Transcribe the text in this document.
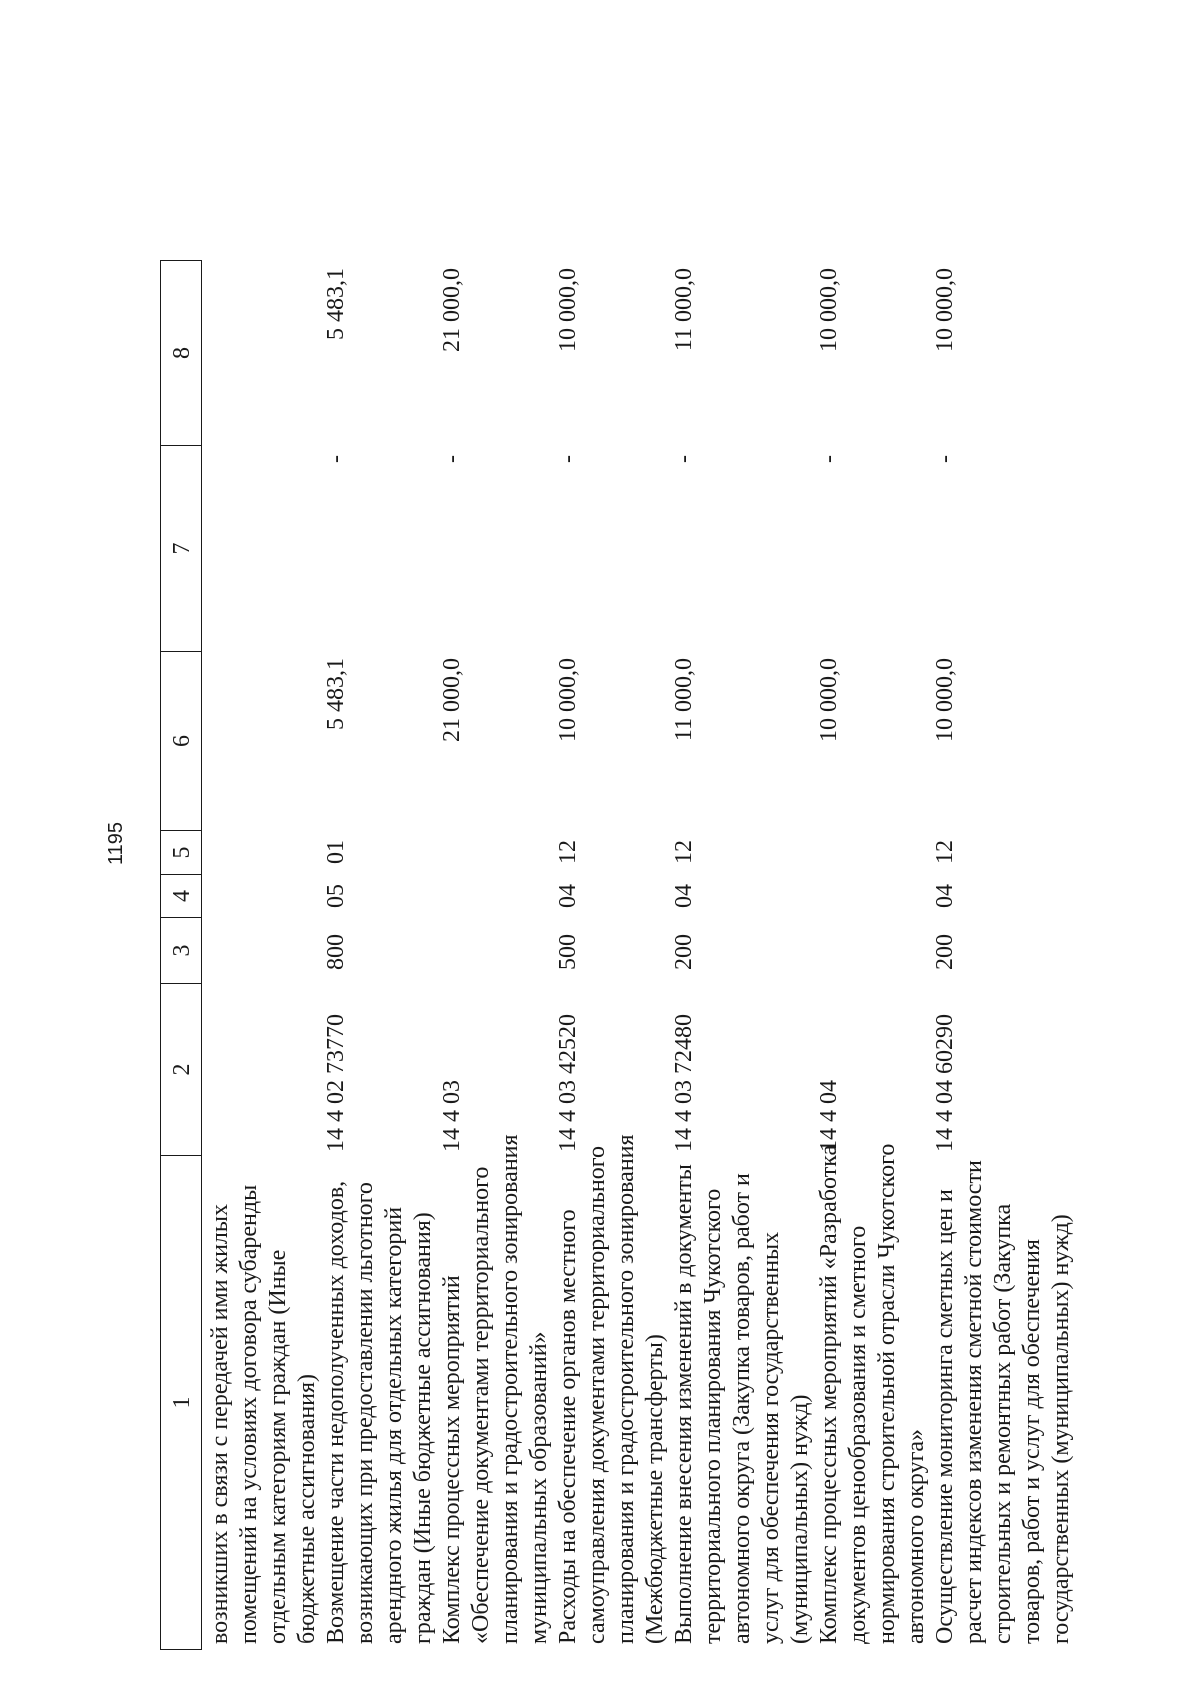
1195
1
2
3
4
5
6
7
8
возникших в связи с передачей ими жилых помещений на условиях договора субаренды отдельным категориям граждан (Иные бюджетные ассигнования) Возмещение части недополученных доходов, возникающих при предоставлении льготного арендного жилья для отдельных категорий граждан (Иные бюджетные ассигнования)
14 4 02 73770
800
05
01
5 483,1
-
5 483,1
Комплекс процессных мероприятий «Обеспечение документами территориального планирования и градостроительного зонирования муниципальных образований»
14 4 03
21 000,0
-
21 000,0
Расходы на обеспечение органов местного самоуправления документами территориального планирования и градостроительного зонирования (Межбюджетные трансферты)
14 4 03 42520
500
04
12
10 000,0
-
10 000,0
Выполнение внесения изменений в документы территориального планирования Чукотского автономного округа (Закупка товаров, работ и услуг для обеспечения государственных (муниципальных) нужд)
14 4 03 72480
200
04
12
11 000,0
-
11 000,0
Комплекс процессных мероприятий «Разработка документов ценообразования и сметного нормирования строительной отрасли Чукотского автономного округа»
14 4 04
10 000,0
-
10 000,0
Осуществление мониторинга сметных цен и расчет индексов изменения сметной стоимости строительных и ремонтных работ (Закупка товаров, работ и услуг для обеспечения государственных (муниципальных) нужд)
14 4 04 60290
200
04
12
10 000,0
-
10 000,0
